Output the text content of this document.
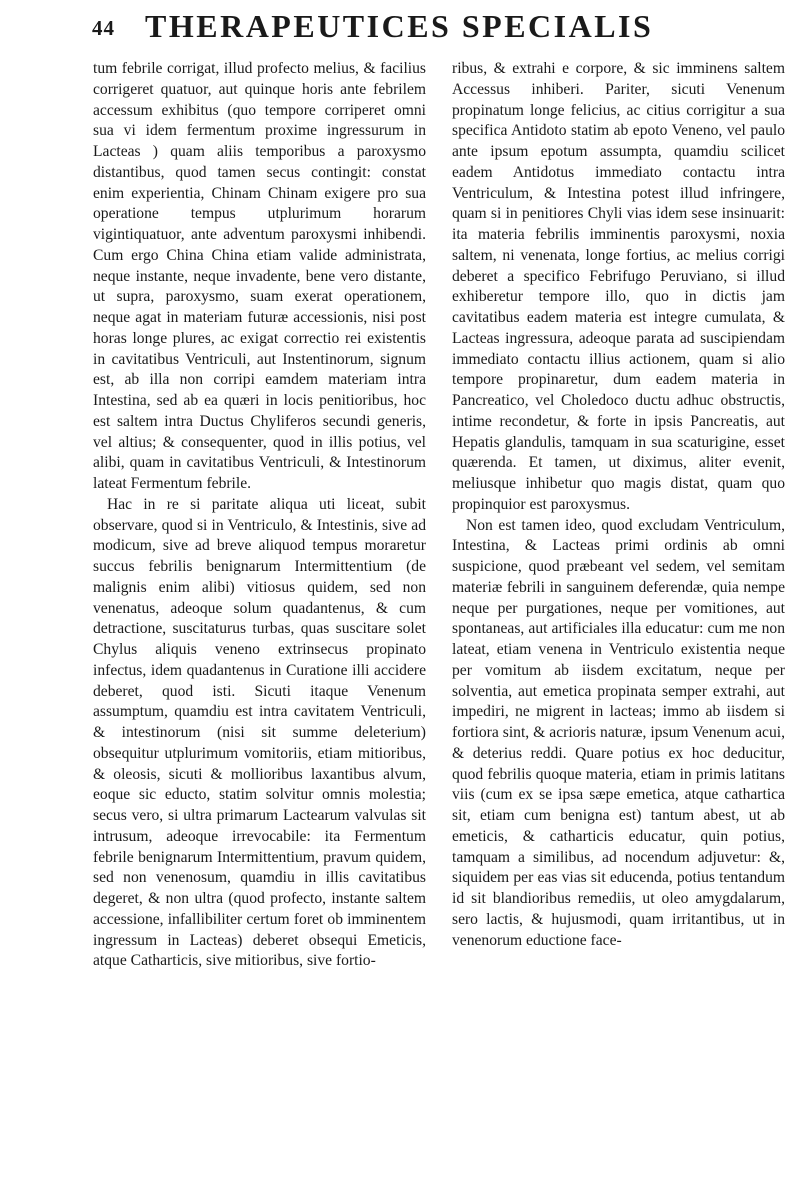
44 THERAPEUTICES SPECIALIS

tum febrile corrigat, illud profecto melius, & facilius corrigeret quatuor, aut quinque horis ante febrilem accessum exhibitus (quo tempore corriperet omni sua vi idem fermentum proxime ingressurum in Lacteas ) quam aliis temporibus a paroxysmo distantibus, quod tamen secus contingit: constat enim experientia, Chinam Chinam exigere pro sua operatione tempus utplurimum horarum vigintiquatuor, ante adventum paroxysmi inhibendi. Cum ergo China China etiam valide administrata, neque instante, neque invadente, bene vero distante, ut supra, paroxysmo, suam exerat operationem, neque agat in materiam futuræ accessionis, nisi post horas longe plures, ac exigat correctio rei existentis in cavitatibus Ventriculi, aut Instentinorum, signum est, ab illa non corripi eamdem materiam intra Intestina, sed ab ea quæri in locis penitioribus, hoc est saltem intra Ductus Chyliferos secundi generis, vel altius; & consequenter, quod in illis potius, vel alibi, quam in cavitatibus Ventriculi, & Intestinorum lateat Fermentum febrile.

Hac in re si paritate aliqua uti liceat, subit observare, quod si in Ventriculo, & Intestinis, sive ad modicum, sive ad breve aliquod tempus moraretur succus febrilis benignarum Intermittentium (de malignis enim alibi) vitiosus quidem, sed non venenatus, adeoque solum quadantenus, & cum detractione, suscitaturus turbas, quas suscitare solet Chylus aliquis veneno extrinsecus propinato infectus, idem quadantenus in Curatione illi accidere deberet, quod isti. Sicuti itaque Venenum assumptum, quamdiu est intra cavitatem Ventriculi, & intestinorum (nisi sit summe deleterium) obsequitur utplurimum vomitoriis, etiam mitioribus, & oleosis, sicuti & mollioribus laxantibus alvum, eoque sic educto, statim solvitur omnis molestia; secus vero, si ultra primarum Lactearum valvulas sit intrusum, adeoque irrevocabile: ita Fermentum febrile benignarum Intermittentium, pravum quidem, sed non venenosum, quamdiu in illis cavitatibus degeret, & non ultra (quod profecto, instante saltem accessione, infallibiliter certum foret ob imminentem ingressum in Lacteas) deberet obsequi Emeticis, atque Catharticis, sive mitioribus, sive fortio-

ribus, & extrahi e corpore, & sic imminens saltem Accessus inhiberi. Pariter, sicuti Venenum propinatum longe felicius, ac citius corrigitur a sua specifica Antidoto statim ab epoto Veneno, vel paulo ante ipsum epotum assumpta, quamdiu scilicet eadem Antidotus immediato contactu intra Ventriculum, & Intestina potest illud infringere, quam si in penitiores Chyli vias idem sese insinuarit: ita materia febrilis imminentis paroxysmi, noxia saltem, ni venenata, longe fortius, ac melius corrigi deberet a specifico Febrifugo Peruviano, si illud exhiberetur tempore illo, quo in dictis jam cavitatibus eadem materia est integre cumulata, & Lacteas ingressura, adeoque parata ad suscipiendam immediato contactu illius actionem, quam si alio tempore propinaretur, dum eadem materia in Pancreatico, vel Choledoco ductu adhuc obstructis, intime recondetur, & forte in ipsis Pancreatis, aut Hepatis glandulis, tamquam in sua scaturigine, esset quærenda. Et tamen, ut diximus, aliter evenit, meliusque inhibetur quo magis distat, quam quo propinquior est paroxysmus.

Non est tamen ideo, quod excludam Ventriculum, Intestina, & Lacteas primi ordinis ab omni suspicione, quod præbeant vel sedem, vel semitam materiæ febrili in sanguinem deferendæ, quia nempe neque per purgationes, neque per vomitiones, aut spontaneas, aut artificiales illa educatur: cum me non lateat, etiam venena in Ventriculo existentia neque per vomitum ab iisdem excitatum, neque per solventia, aut emetica propinata semper extrahi, aut impediri, ne migrent in lacteas; immo ab iisdem si fortiora sint, & acrioris naturæ, ipsum Venenum acui, & deterius reddi. Quare potius ex hoc deducitur, quod febrilis quoque materia, etiam in primis latitans viis (cum ex se ipsa sæpe emetica, atque cathartica sit, etiam cum benigna est) tantum abest, ut ab emeticis, & catharticis educatur, quin potius, tamquam a similibus, ad nocendum adjuvetur: &, siquidem per eas vias sit educenda, potius tentandum id sit blandioribus remediis, ut oleo amygdalarum, sero lactis, & hujusmodi, quam irritantibus, ut in venenorum eductione face-
